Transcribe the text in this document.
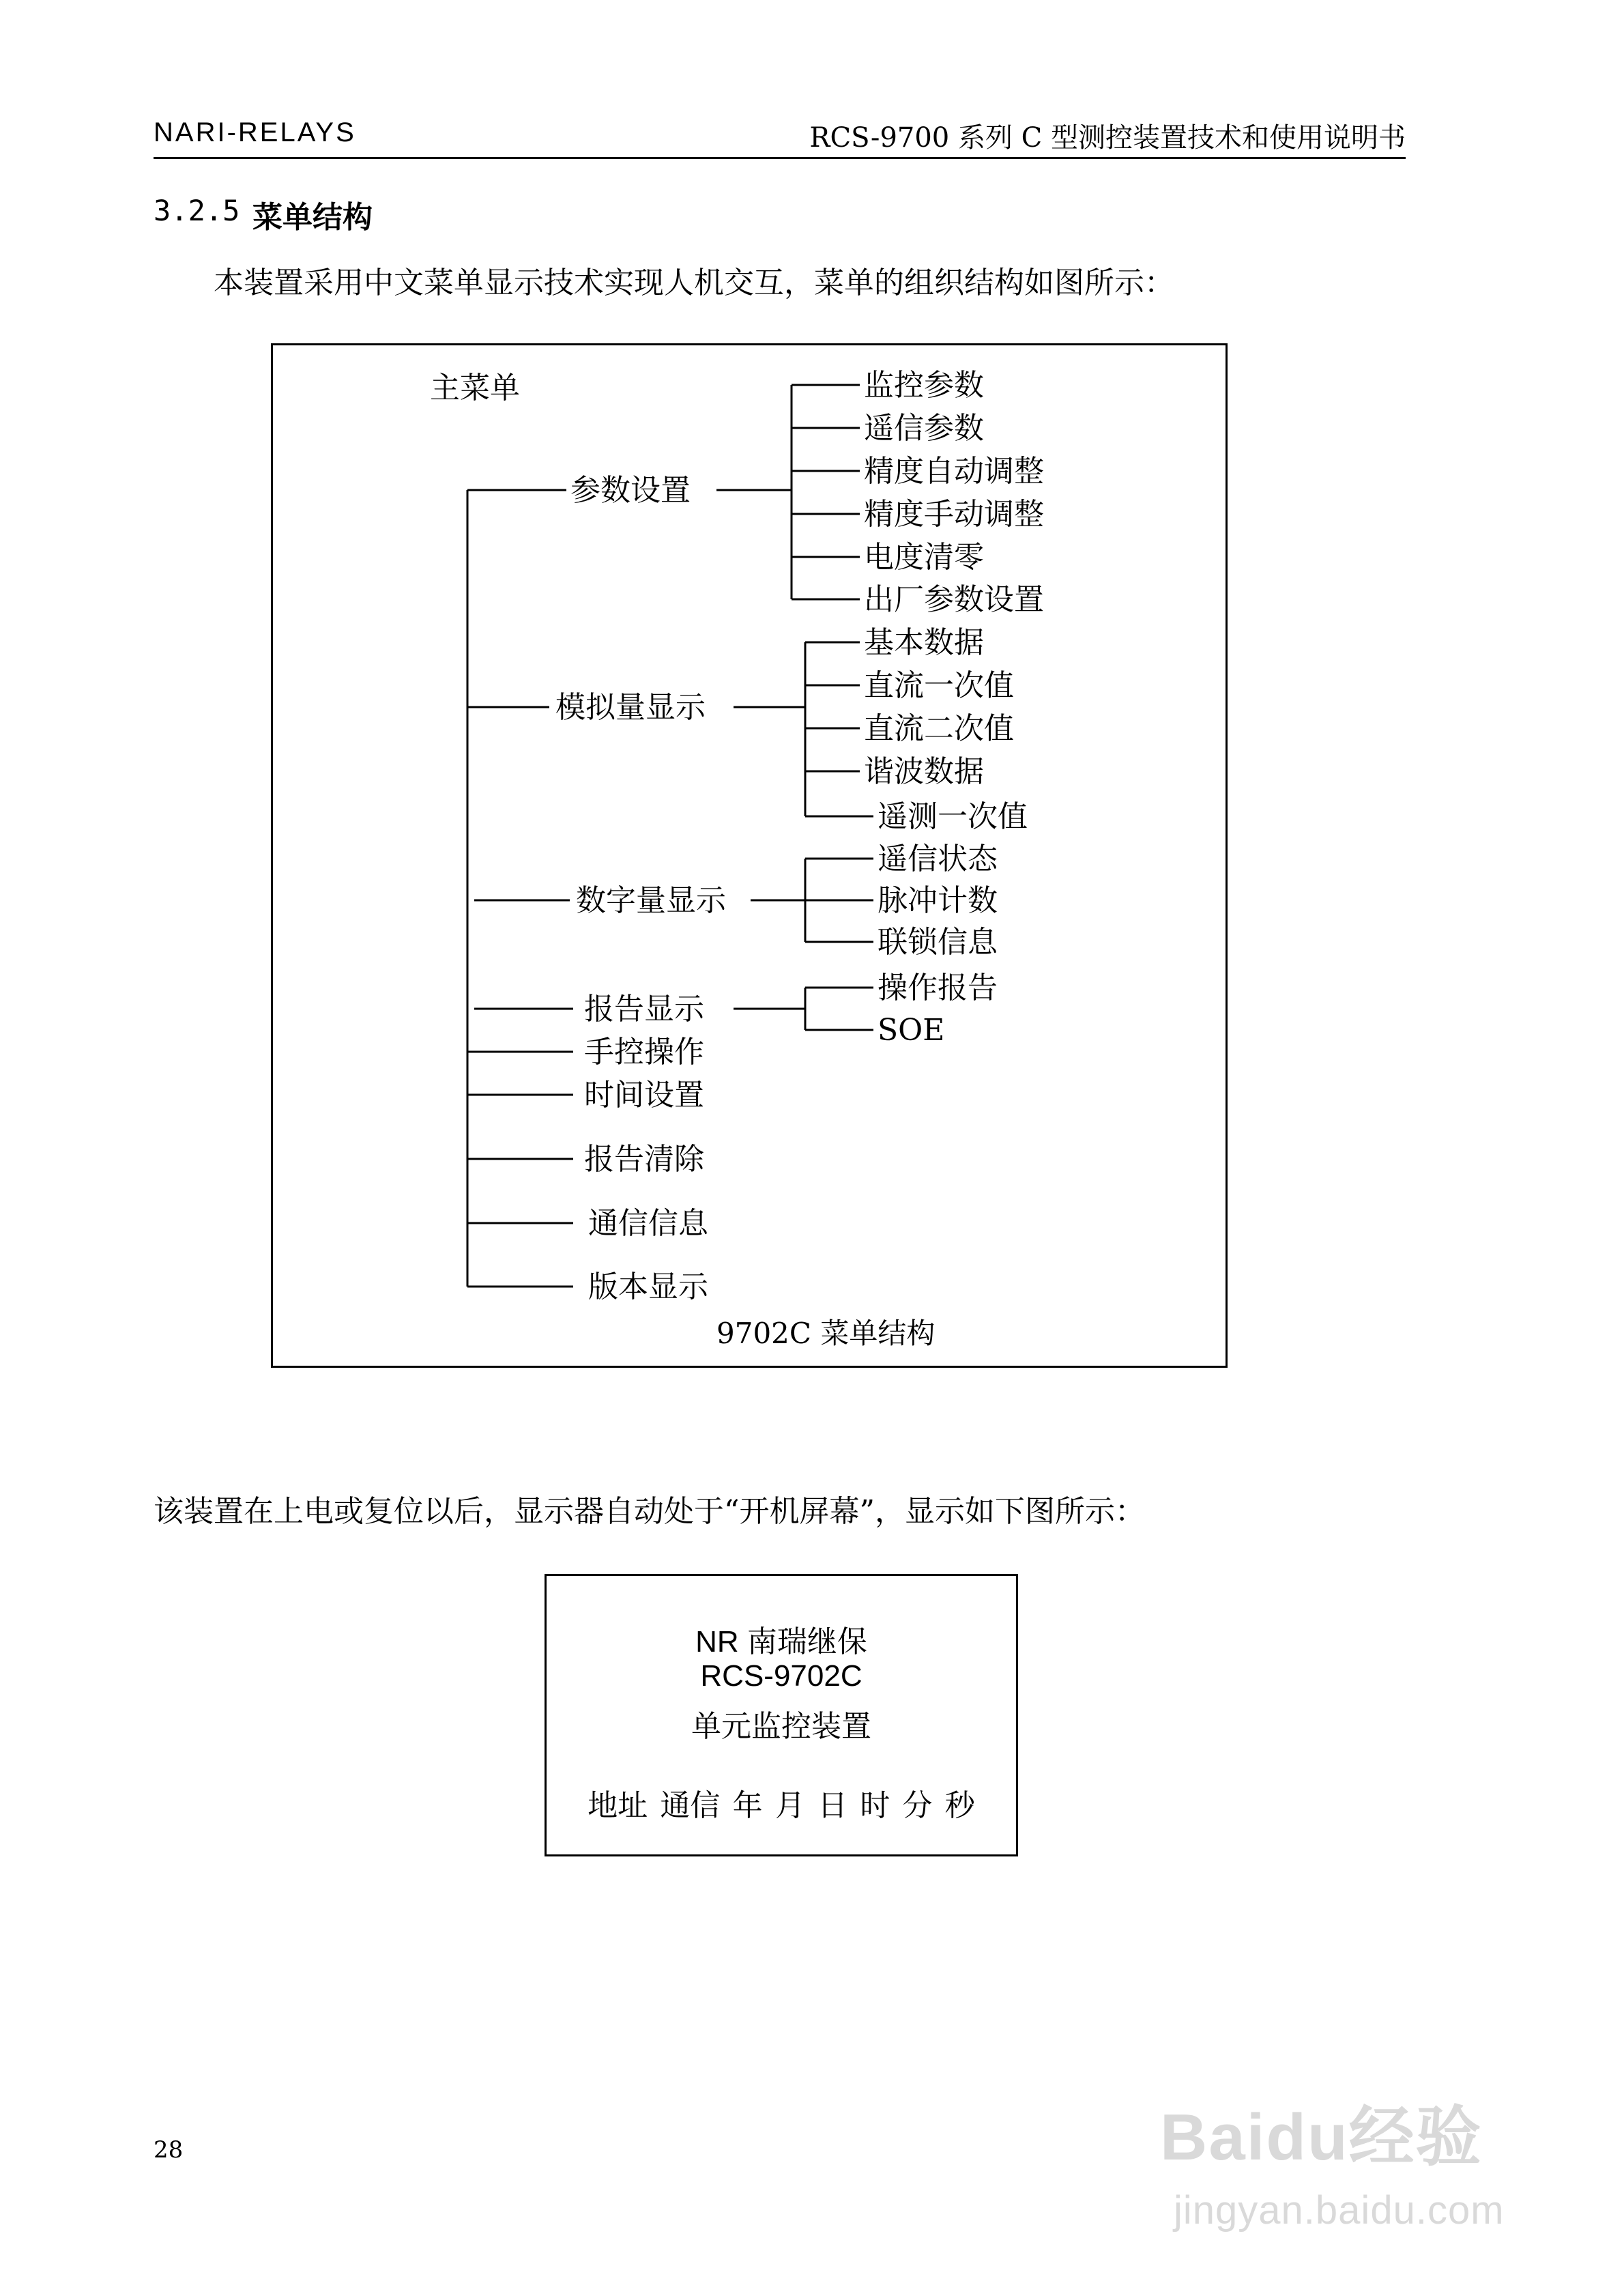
NARI-RELAYS	RCS-9700 系列 C 型测控装置技术和使用说明书
3.2.5 菜单结构
本装置采用中文菜单显示技术实现人机交互，菜单的组织结构如图所示：
主菜单
参数设置
监控参数
遥信参数
精度自动调整
精度手动调整
电度清零
出厂参数设置
模拟量显示
基本数据
直流一次值
直流二次值
谐波数据
遥测一次值
数字量显示
遥信状态
脉冲计数
联锁信息
报告显示
操作报告
SOE
手控操作
时间设置
报告清除
通信信息
版本显示
9702C 菜单结构
该装置在上电或复位以后，显示器自动处于“开机屏幕”，显示如下图所示：
NR 南瑞继保
RCS-9702C
单元监控装置
地址 通信 年 月 日 时 分 秒
28	Baidu经验
jingyan.baidu.com
